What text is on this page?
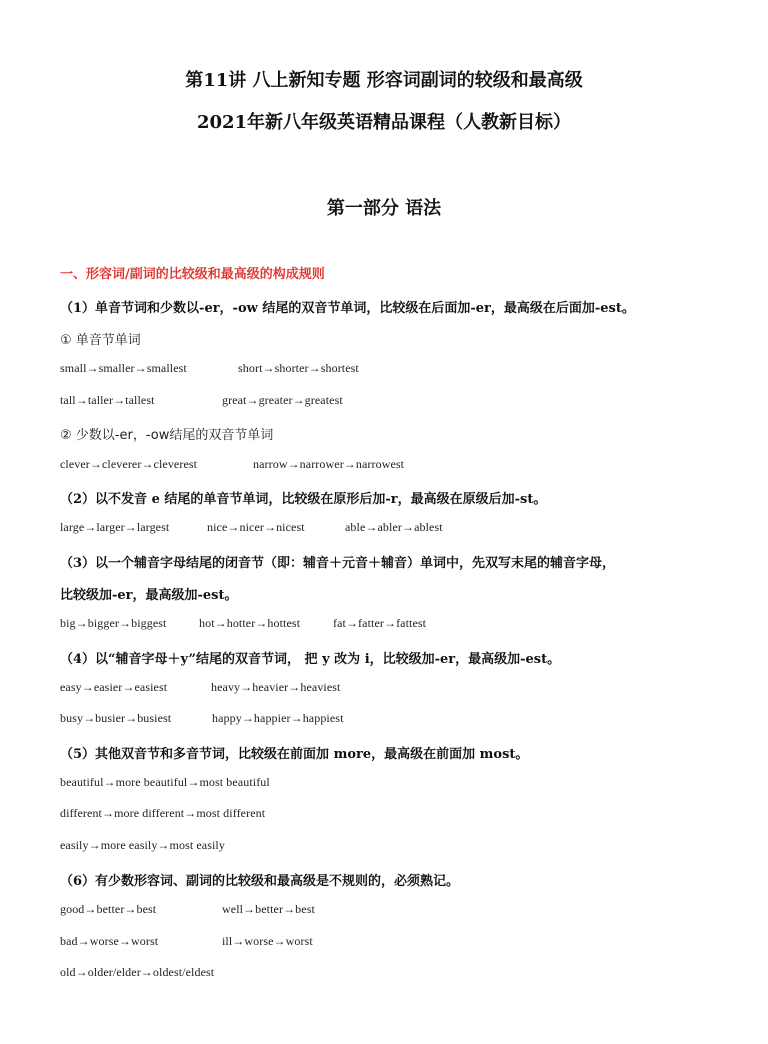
第11讲 八上新知专题 形容词副词的较级和最高级
2021年新八年级英语精品课程（人教新目标）
第一部分 语法
一、形容词/副词的比较级和最高级的构成规则
（1）单音节词和少数以-er，-ow 结尾的双音节单词，比较级在后面加-er，最高级在后面加-est。
① 单音节单词
small→smaller→smallest	short→shorter→shortest
tall→taller→tallest	great→greater→greatest
② 少数以-er，-ow结尾的双音节单词
clever→cleverer→cleverest	narrow→narrower→narrowest
（2）以不发音 e 结尾的单音节单词，比较级在原形后加-r，最高级在原级后加-st。
large→larger→largest	nice→nicer→nicest	able→abler→ablest
（3）以一个辅音字母结尾的闭音节（即：辅音＋元音＋辅音）单词中，先双写末尾的辅音字母，
比较级加-er，最高级加-est。
big→bigger→biggest	hot→hotter→hottest	fat→fatter→fattest
（4）以“辅音字母＋y”结尾的双音节词， 把 y 改为 i，比较级加-er，最高级加-est。
easy→easier→easiest	heavy→heavier→heaviest
busy→busier→busiest	happy→happier→happiest
（5）其他双音节和多音节词，比较级在前面加 more，最高级在前面加 most。
beautiful→more beautiful→most beautiful
different→more different→most different
easily→more easily→most easily
（6）有少数形容词、副词的比较级和最高级是不规则的，必须熟记。
good→better→best	well→better→best
bad→worse→worst	ill→worse→worst
old→older/elder→oldest/eldest
